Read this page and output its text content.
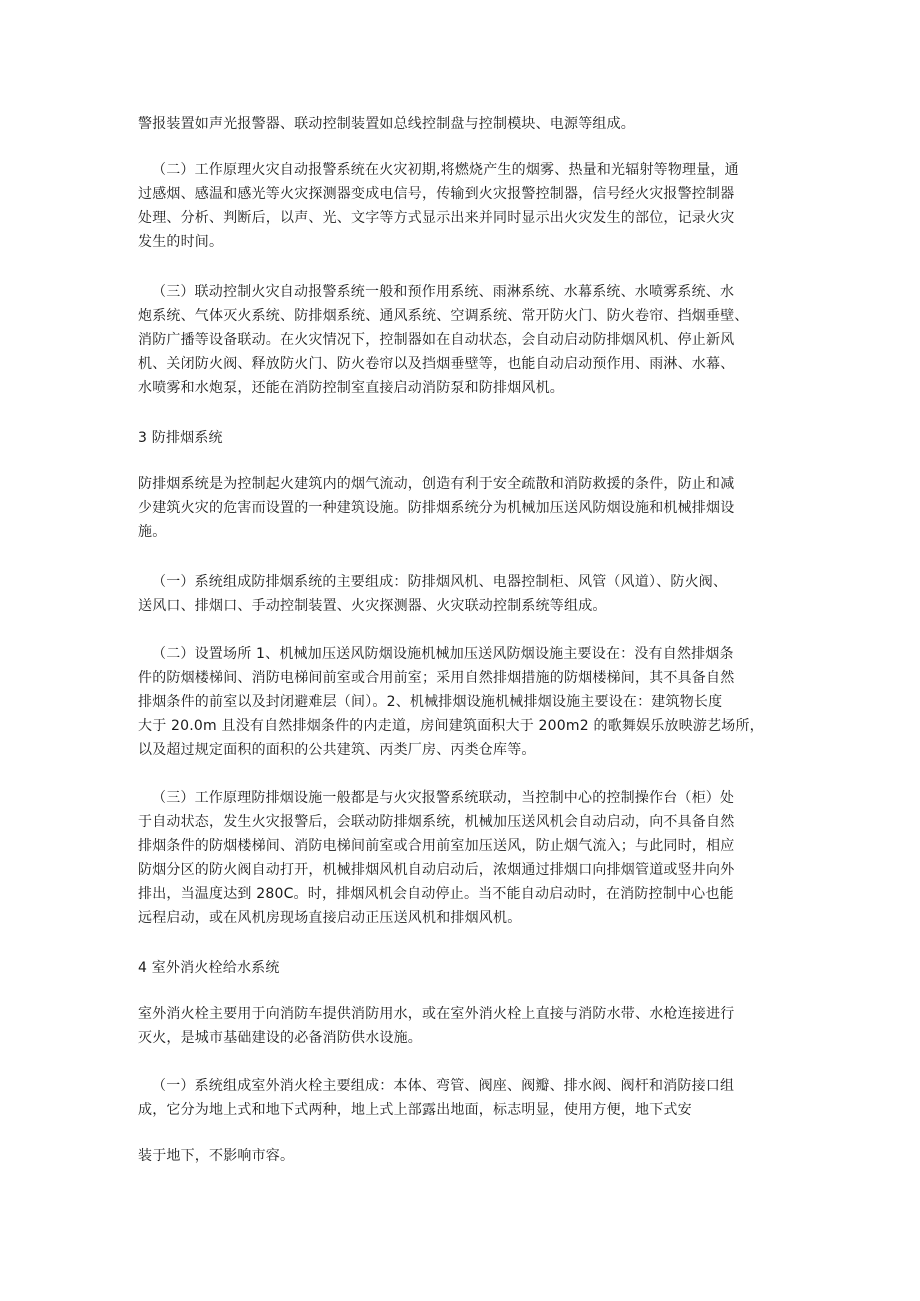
警报装置如声光报警器、联动控制装置如总线控制盘与控制模块、电源等组成。

（二）工作原理火灾自动报警系统在火灾初期,将燃烧产生的烟雾、热量和光辐射等物理量，通
过感烟、感温和感光等火灾探测器变成电信号，传输到火灾报警控制器，信号经火灾报警控制器
处理、分析、判断后，以声、光、文字等方式显示出来并同时显示出火灾发生的部位，记录火灾
发生的时间。

（三）联动控制火灾自动报警系统一般和预作用系统、雨淋系统、水幕系统、水喷雾系统、水
炮系统、气体灭火系统、防排烟系统、通风系统、空调系统、常开防火门、防火卷帘、挡烟垂壁、
消防广播等设备联动。在火灾情况下，控制器如在自动状态，会自动启动防排烟风机、停止新风
机、关闭防火阀、释放防火门、防火卷帘以及挡烟垂壁等，也能自动启动预作用、雨淋、水幕、
水喷雾和水炮泵，还能在消防控制室直接启动消防泵和防排烟风机。

3 防排烟系统

防排烟系统是为控制起火建筑内的烟气流动，创造有利于安全疏散和消防救援的条件，防止和减
少建筑火灾的危害而设置的一种建筑设施。防排烟系统分为机械加压送风防烟设施和机械排烟设
施。

（一）系统组成防排烟系统的主要组成：防排烟风机、电器控制柜、风管（风道）、防火阀、
送风口、排烟口、手动控制装置、火灾探测器、火灾联动控制系统等组成。

（二）设置场所 1、机械加压送风防烟设施机械加压送风防烟设施主要设在：没有自然排烟条
件的防烟楼梯间、消防电梯间前室或合用前室；采用自然排烟措施的防烟楼梯间，其不具备自然
排烟条件的前室以及封闭避难层（间）。2、机械排烟设施机械排烟设施主要设在：建筑物长度
大于 20.0m 且没有自然排烟条件的内走道，房间建筑面积大于 200m2 的歌舞娱乐放映游艺场所，
以及超过规定面积的面积的公共建筑、丙类厂房、丙类仓库等。

（三）工作原理防排烟设施一般都是与火灾报警系统联动，当控制中心的控制操作台（柜）处
于自动状态，发生火灾报警后，会联动防排烟系统，机械加压送风机会自动启动，向不具备自然
排烟条件的防烟楼梯间、消防电梯间前室或合用前室加压送风，防止烟气流入；与此同时，相应
防烟分区的防火阀自动打开，机械排烟风机自动启动后，浓烟通过排烟口向排烟管道或竖井向外
排出，当温度达到 280C。时，排烟风机会自动停止。当不能自动启动时，在消防控制中心也能
远程启动，或在风机房现场直接启动正压送风机和排烟风机。

4 室外消火栓给水系统

室外消火栓主要用于向消防车提供消防用水，或在室外消火栓上直接与消防水带、水枪连接进行
灭火，是城市基础建设的必备消防供水设施。

（一）系统组成室外消火栓主要组成：本体、弯管、阀座、阀瓣、排水阀、阀杆和消防接口组
成，它分为地上式和地下式两种，地上式上部露出地面，标志明显，使用方便，地下式安

装于地下，不影响市容。
